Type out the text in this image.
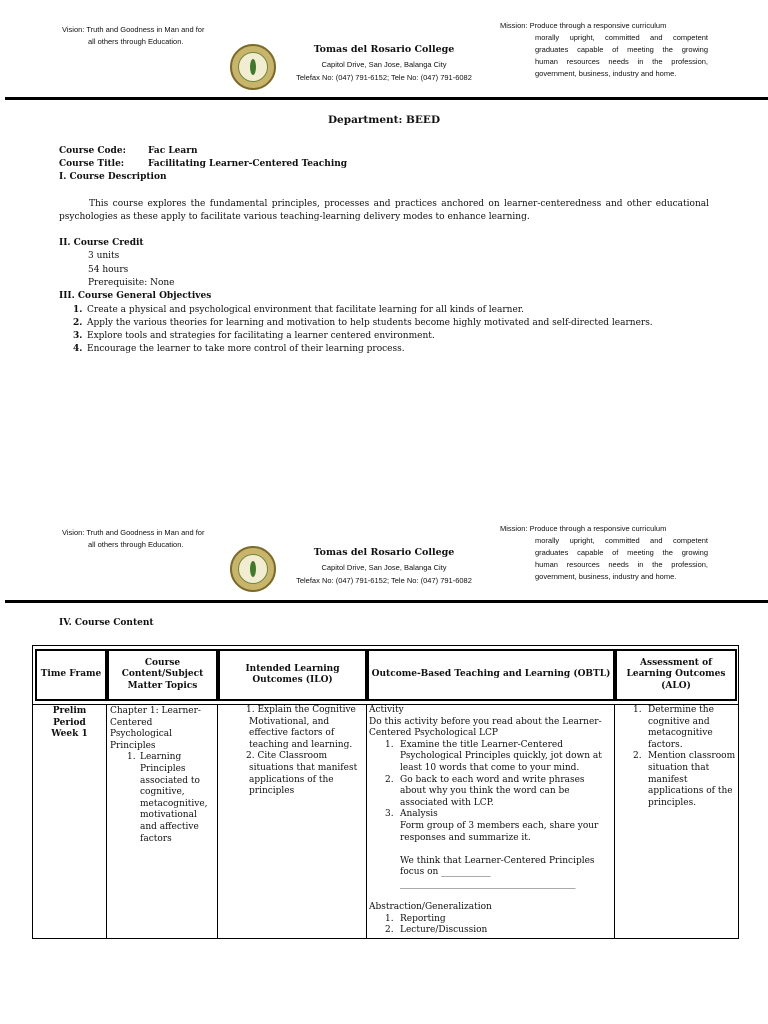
Vision: Truth and Goodness in Man and for
all others through Education.
Tomas del Rosario College
Capitol Drive, San Jose, Balanga City
Telefax No: (047) 791-6152; Tele No: (047) 791-6082
Mission: Produce through a responsive curriculum
morally upright, committed and competent
graduates capable of meeting the growing
human resources needs in the profession,
government, business, industry and home.
Department: BEED
Course Code: Fac Learn
Course Title:	Facilitating Learner-Centered Teaching
I. Course Description
This course explores the fundamental principles, processes and practices anchored on learner-centeredness and other educational psychologies as these apply to facilitate various teaching-learning delivery modes to enhance learning.
II. Course Credit
3 units
54 hours
Prerequisite: None
III. Course General Objectives
1. Create a physical and psychological environment that facilitate learning for all kinds of learner.
2. Apply the various theories for learning and motivation to help students become highly motivated and self-directed learners.
3. Explore tools and strategies for facilitating a learner centered environment.
4. Encourage the learner to take more control of their learning process.
Vision: Truth and Goodness in Man and for
all others through Education.
Tomas del Rosario College
Capitol Drive, San Jose, Balanga City
Telefax No: (047) 791-6152; Tele No: (047) 791-6082
Mission: Produce through a responsive curriculum
morally upright, committed and competent
graduates capable of meeting the growing
human resources needs in the profession,
government, business, industry and home.
IV. Course Content
Time Frame
Course Content/Subject Matter Topics
Intended Learning Outcomes (ILO)
Outcome-Based Teaching and Learning (OBTL)
Assessment of Learning Outcomes (ALO)
Prelim
Period
Week 1
Chapter 1: Learner-Centered Psychological Principles
1. Learning Principles associated to cognitive, metacognitive, motivational and affective factors
1. Explain the Cognitive Motivational, and effective factors of teaching and learning.
2. Cite Classroom situations that manifest applications of the principles
Activity
Do this activity before you read about the Learner-Centered Psychological LCP
1. Examine the title Learner-Centered Psychological Principles quickly, jot down at least 10 words that come to your mind.
2. Go back to each word and write phrases about why you think the word can be associated with LCP.
3. Analysis
Form group of 3 members each, share your responses and summarize it.
We think that Learner-Centered Principles focus on ___________
_______________________________________
Abstraction/Generalization
1. Reporting
2. Lecture/Discussion
1. Determine the cognitive and metacognitive factors.
2. Mention classroom situation that manifest applications of the principles.
